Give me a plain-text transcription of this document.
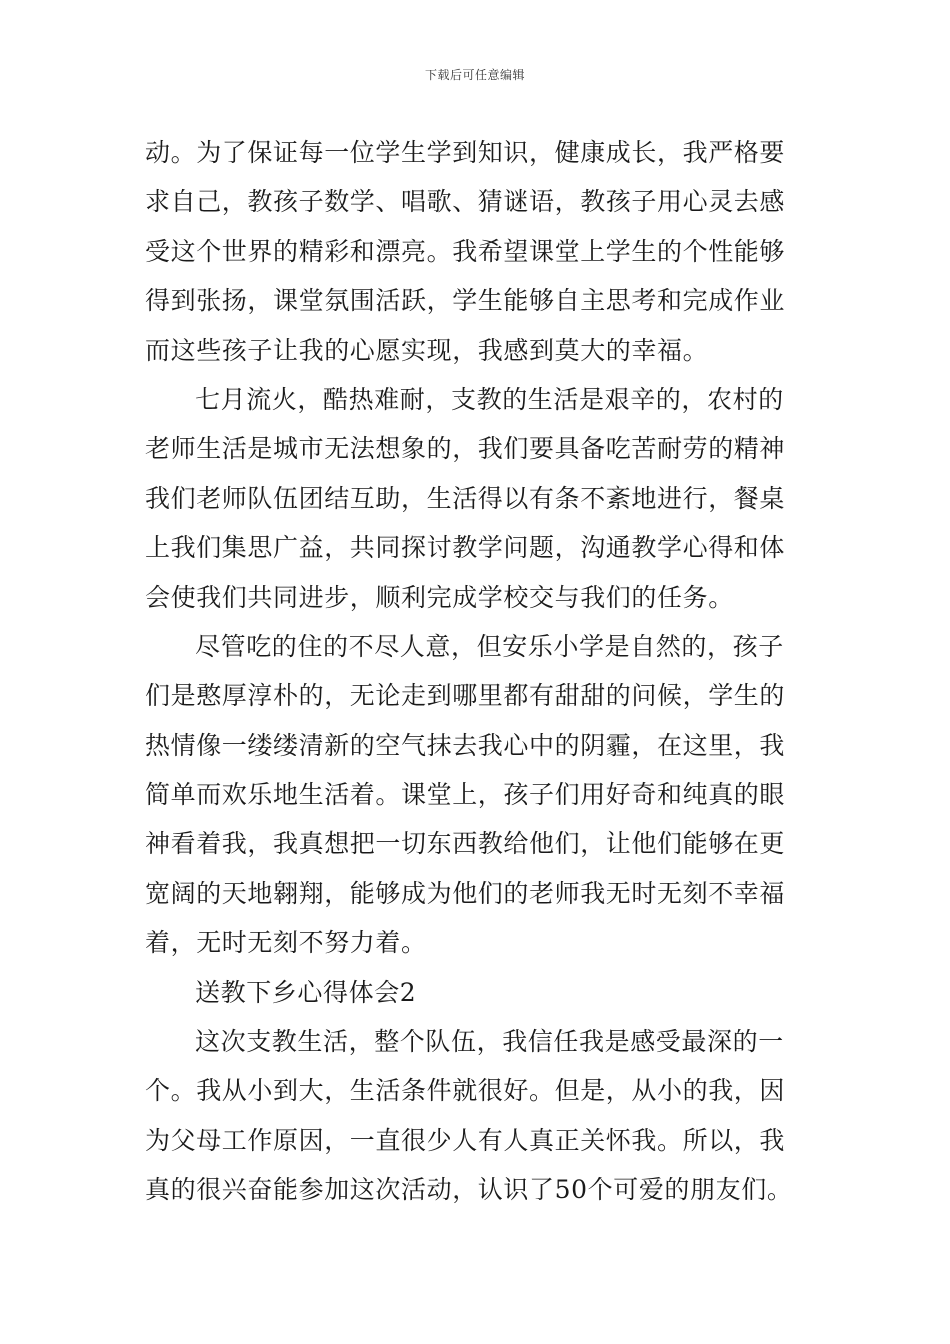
下载后可任意编辑
动。为了保证每一位学生学到知识，健康成长，我严格要
求自己，教孩子数学、唱歌、猜谜语，教孩子用心灵去感
受这个世界的精彩和漂亮。我希望课堂上学生的个性能够
得到张扬，课堂氛围活跃，学生能够自主思考和完成作业
而这些孩子让我的心愿实现，我感到莫大的幸福。
七月流火，酷热难耐，支教的生活是艰辛的，农村的
老师生活是城市无法想象的，我们要具备吃苦耐劳的精神
我们老师队伍团结互助，生活得以有条不紊地进行，餐桌
上我们集思广益，共同探讨教学问题，沟通教学心得和体
会使我们共同进步，顺利完成学校交与我们的任务。
尽管吃的住的不尽人意，但安乐小学是自然的，孩子
们是憨厚淳朴的，无论走到哪里都有甜甜的问候，学生的
热情像一缕缕清新的空气抹去我心中的阴霾，在这里，我
简单而欢乐地生活着。课堂上，孩子们用好奇和纯真的眼
神看着我，我真想把一切东西教给他们，让他们能够在更
宽阔的天地翱翔，能够成为他们的老师我无时无刻不幸福
着，无时无刻不努力着。
送教下乡心得体会2
这次支教生活，整个队伍，我信任我是感受最深的一
个。我从小到大，生活条件就很好。但是，从小的我，因
为父母工作原因，一直很少人有人真正关怀我。所以，我
真的很兴奋能参加这次活动，认识了50个可爱的朋友们。
